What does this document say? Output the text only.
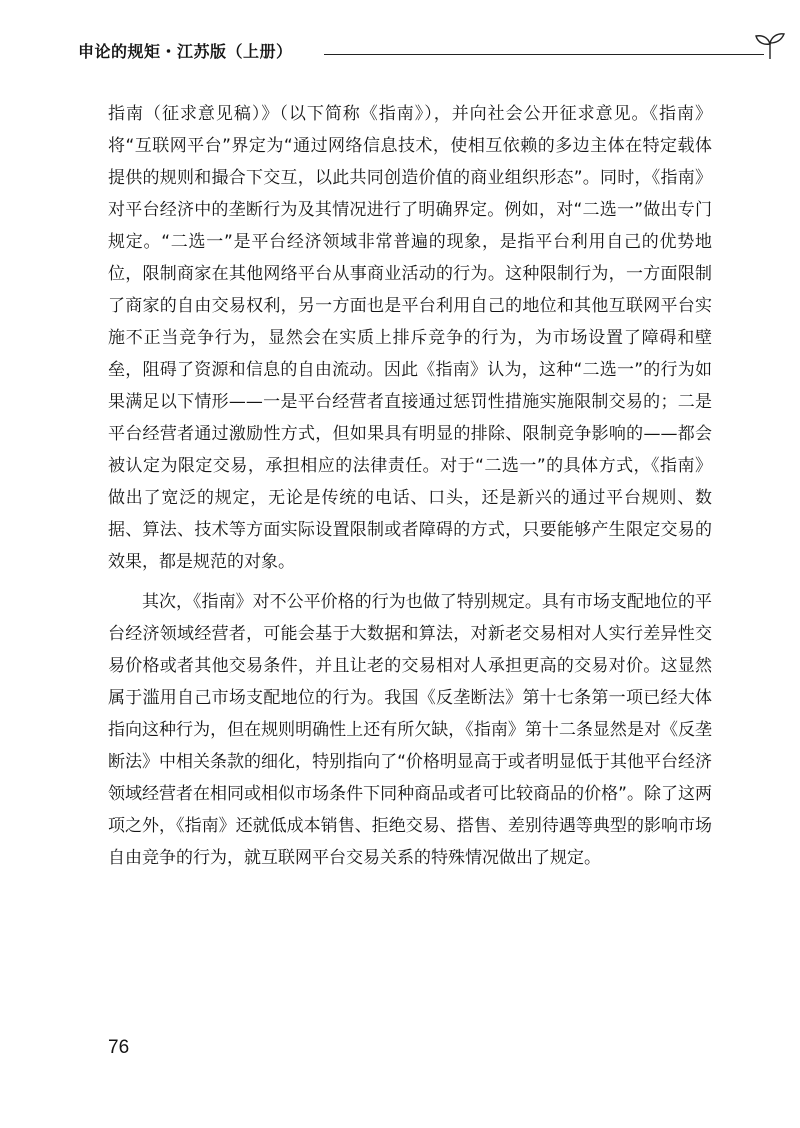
申论的规矩・江苏版（上册）

指南（征求意见稿）》（以下简称《指南》），并向社会公开征求意见。《指南》将“互联网平台”界定为“通过网络信息技术，使相互依赖的多边主体在特定载体提供的规则和撮合下交互，以此共同创造价值的商业组织形态”。同时，《指南》对平台经济中的垄断行为及其情况进行了明确界定。例如，对“二选一”做出专门规定。“二选一”是平台经济领域非常普遍的现象，是指平台利用自己的优势地位，限制商家在其他网络平台从事商业活动的行为。这种限制行为，一方面限制了商家的自由交易权利，另一方面也是平台利用自己的地位和其他互联网平台实施不正当竞争行为，显然会在实质上排斥竞争的行为，为市场设置了障碍和壁垒，阻碍了资源和信息的自由流动。因此《指南》认为，这种“二选一”的行为如果满足以下情形——一是平台经营者直接通过惩罚性措施实施限制交易的；二是平台经营者通过激励性方式，但如果具有明显的排除、限制竞争影响的——都会被认定为限定交易，承担相应的法律责任。对于“二选一”的具体方式，《指南》做出了宽泛的规定，无论是传统的电话、口头，还是新兴的通过平台规则、数据、算法、技术等方面实际设置限制或者障碍的方式，只要能够产生限定交易的效果，都是规范的对象。

其次，《指南》对不公平价格的行为也做了特别规定。具有市场支配地位的平台经济领域经营者，可能会基于大数据和算法，对新老交易相对人实行差异性交易价格或者其他交易条件，并且让老的交易相对人承担更高的交易对价。这显然属于滥用自己市场支配地位的行为。我国《反垄断法》第十七条第一项已经大体指向这种行为，但在规则明确性上还有所欠缺，《指南》第十二条显然是对《反垄断法》中相关条款的细化，特别指向了“价格明显高于或者明显低于其他平台经济领域经营者在相同或相似市场条件下同种商品或者可比较商品的价格”。除了这两项之外，《指南》还就低成本销售、拒绝交易、搭售、差别待遇等典型的影响市场自由竞争的行为，就互联网平台交易关系的特殊情况做出了规定。

76
